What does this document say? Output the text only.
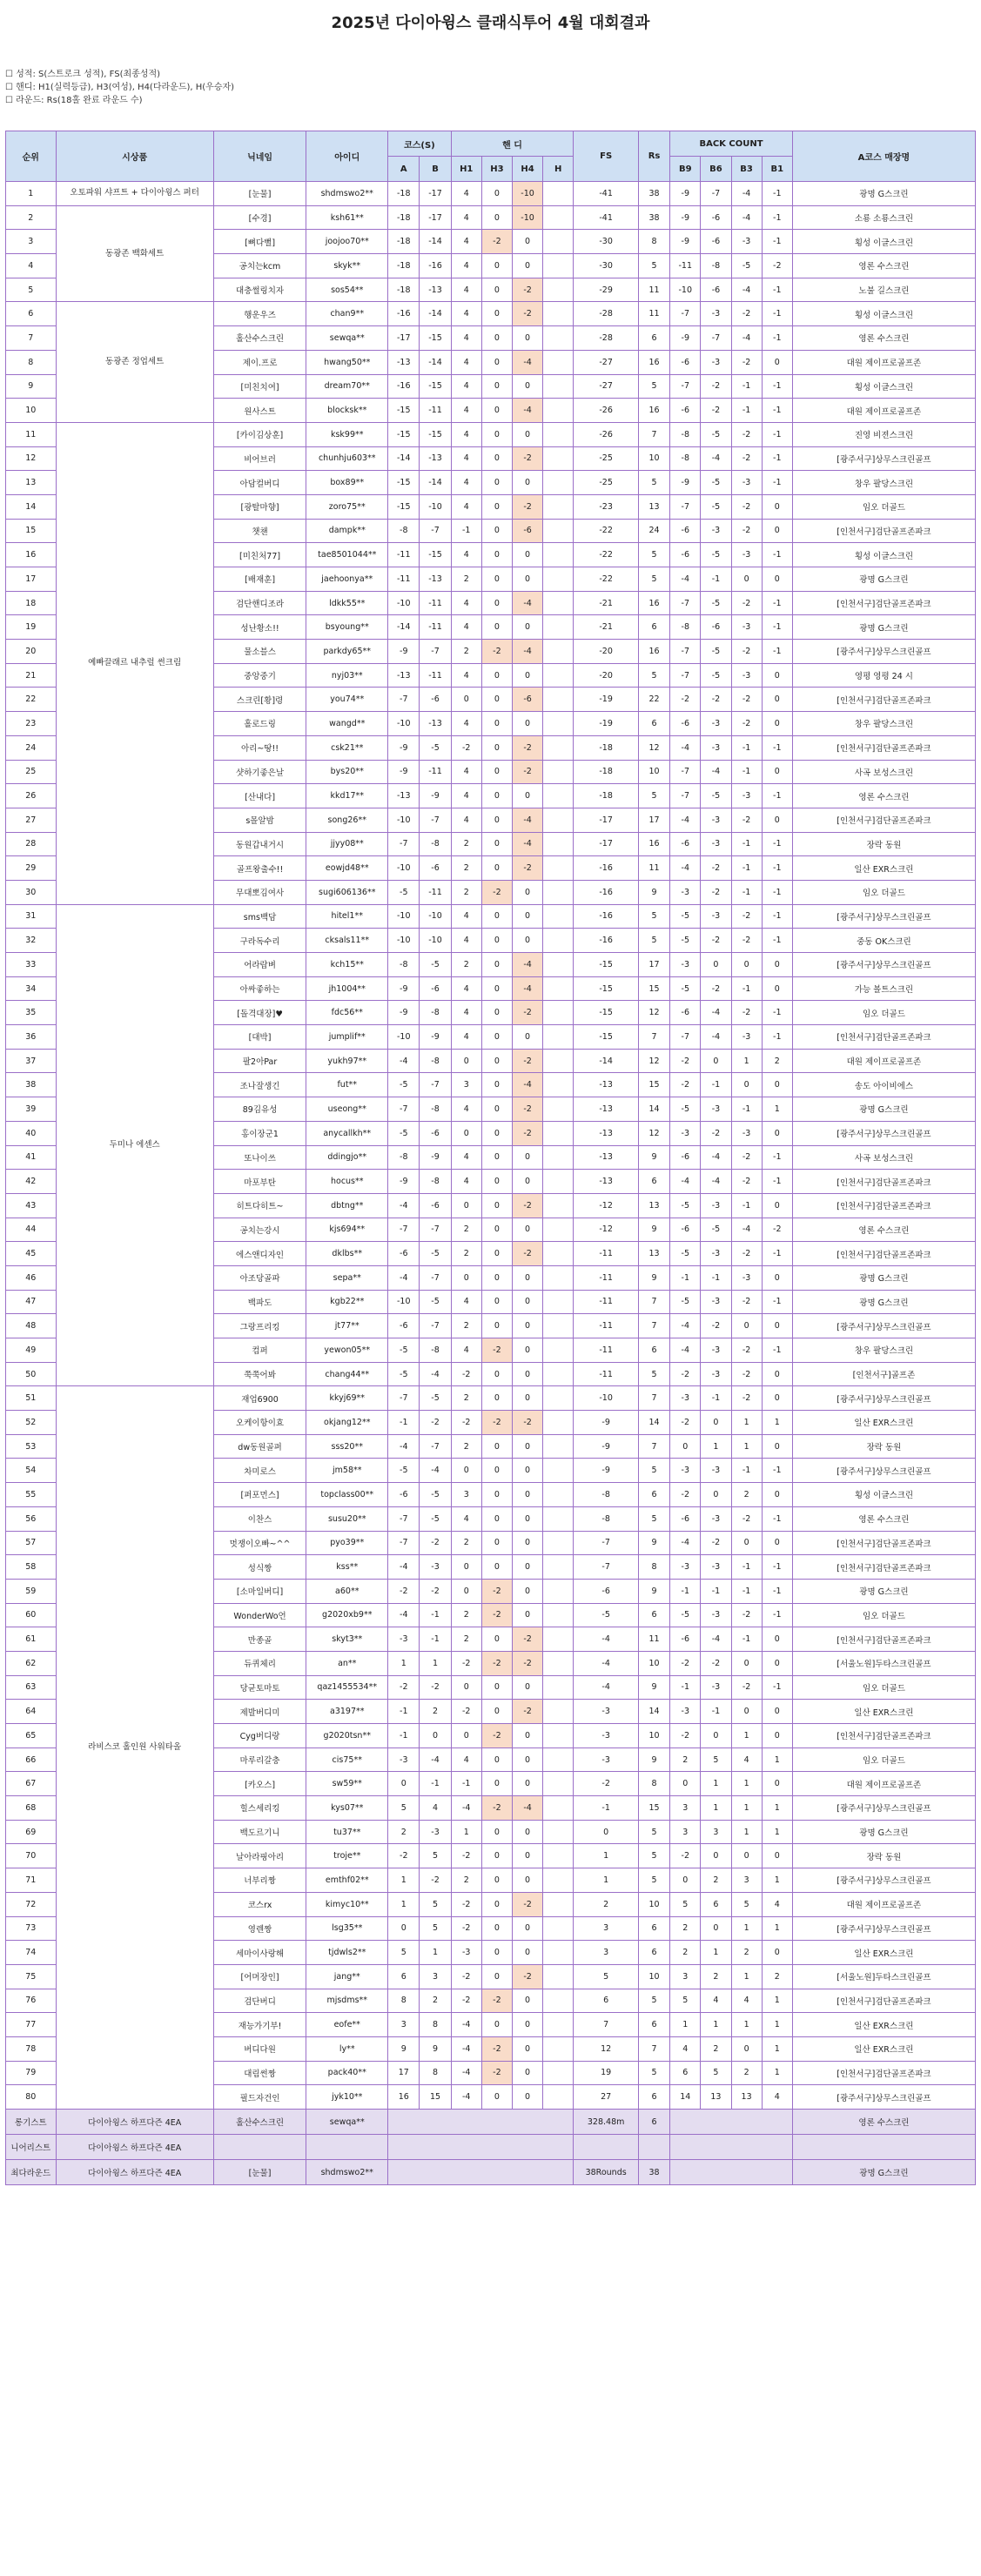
2025년 다이아윙스 클래식투어 4월 대회결과
☐ 성적: S(스트로크 성적), FS(최종성적)
☐ 핸디: H1(실력등급), H3(여성), H4(다라운드), H(우승자)
☐ 라운드: Rs(18홀 완료 라운드 수)
순위	시상품	닉네임	아이디	코스(S)		핸 디				FS	Rs	BACK COUNT				A코스 매장명
				A	B	H1	H3	H4	H			B9	B6	B3	B1	
1	오토파워 샤프트 + 다이아윙스 퍼터	[눈물]	shdmswo2**	-18	-17	4	0	-10		-41	38	-9	-7	-4	-1	광명 G스크린
2	동광존 백화세트	[수경]	ksh61**	-18	-17	4	0	-10		-41	38	-9	-6	-4	-1	소룡 소룡스크린
3		[뼈다뻘]	joojoo70**	-18	-14	4	-2	0		-30	8	-9	-6	-3	-1	횡성 이글스크린
4		공치는kcm	skyk**	-18	-16	4	0	0		-30	5	-11	-8	-5	-2	영론 수스크린
5		대충썰링치자	sos54**	-18	-13	4	0	-2		-29	11	-10	-6	-4	-1	노불 길스크린
6	동광존 정업세트	행운우즈	chan9**	-16	-14	4	0	-2		-28	11	-7	-3	-2	-1	횡성 이글스크린
7		홀산수스크린	sewqa**	-17	-15	4	0	0		-28	6	-9	-7	-4	-1	영론 수스크린
8		제이.프로	hwang50**	-13	-14	4	0	-4		-27	16	-6	-3	-2	0	대원 제이프로골프존
9		[미친치여]	dream70**	-16	-15	4	0	0		-27	5	-7	-2	-1	-1	횡성 이글스크린
10		원사스트	blocksk**	-15	-11	4	0	-4		-26	16	-6	-2	-1	-1	대원 제이프로골프존
11	예빠끌래르 내추럴 썬크림	[카이김상훈]	ksk99**	-15	-15	4	0	0		-26	7	-8	-5	-2	-1	진영 비젼스크린
12		비어브러	chunhju603**	-14	-13	4	0	-2		-25	10	-8	-4	-2	-1	[광주서구]상무스크린골프
13		아담컬버디	box89**	-15	-14	4	0	0		-25	5	-9	-5	-3	-1	창우 팔당스크린
14		[광탈마향]	zoro75**	-15	-10	4	0	-2		-23	13	-7	-5	-2	0	임오 더골드
15		챗챈	dampk**	-8	-7	-1	0	-6		-22	24	-6	-3	-2	0	[인천서구]검단골프존파크
16		[미친처77]	tae8501044**	-11	-15	4	0	0		-22	5	-6	-5	-3	-1	횡성 이글스크린
17		[배재훈]	jaehoonya**	-11	-13	2	0	0		-22	5	-4	-1	0	0	광명 G스크린
18		검단핸디조라	ldkk55**	-10	-11	4	0	-4		-21	16	-7	-5	-2	-1	[인천서구]검단골프존파크
19		성난황소!!	bsyoung**	-14	-11	4	0	0		-21	6	-8	-6	-3	-1	광명 G스크린
20		물소블스	parkdy65**	-9	-7	2	-2	-4		-20	16	-7	-5	-2	-1	[광주서구]상무스크린골프
21		중앙중기	nyj03**	-13	-11	4	0	0		-20	5	-7	-5	-3	0	영평 영평 24 시
22		스크린[황]령	you74**	-7	-6	0	0	-6		-19	22	-2	-2	-2	0	[인천서구]검단골프존파크
23		홀로드링	wangd**	-10	-13	4	0	0		-19	6	-6	-3	-2	0	창우 팔당스크린
24		아리~땅!!	csk21**	-9	-5	-2	0	-2		-18	12	-4	-3	-1	-1	[인천서구]검단골프존파크
25		샷하기좋은날	bys20**	-9	-11	4	0	-2		-18	10	-7	-4	-1	0	사곡 보성스크린
26		[산내다]	kkd17**	-13	-9	4	0	0		-18	5	-7	-5	-3	-1	영론 수스크린
27		s몰알밤	song26**	-10	-7	4	0	-4		-17	17	-4	-3	-2	0	[인천서구]검단골프존파크
28		동원갑내거시	jjyy08**	-7	-8	2	0	-4		-17	16	-6	-3	-1	-1	장락 동원
29		골프왕출수!!	eowjd48**	-10	-6	2	0	-2		-16	11	-4	-2	-1	-1	일산 EXR스크린
30		무대뽀김여사	sugi606136**	-5	-11	2	-2	0		-16	9	-3	-2	-1	-1	임오 더골드
31	두미나 에센스	sms백담	hitel1**	-10	-10	4	0	0		-16	5	-5	-3	-2	-1	[광주서구]상무스크린골프
32		구라독수리	cksals11**	-10	-10	4	0	0		-16	5	-5	-2	-2	-1	중동 OK스크린
33		어라랍벼	kch15**	-8	-5	2	0	-4		-15	17	-3	0	0	0	[광주서구]상무스크린골프
34		아싸좋하는	jh1004**	-9	-6	4	0	-4		-15	15	-5	-2	-1	0	가능 볼트스크린
35		[돌격대장]♥	fdc56**	-9	-8	4	0	-2		-15	12	-6	-4	-2	-1	임오 더골드
36		[대박]	jumplif**	-10	-9	4	0	0		-15	7	-7	-4	-3	-1	[인천서구]검단골프존파크
37		팔2아Par	yukh97**	-4	-8	0	0	-2		-14	12	-2	0	1	2	대원 제이프로골프존
38		조나잘생긴	fut**	-5	-7	3	0	-4		-13	15	-2	-1	0	0	송도 아이비에스
39		89김유성	useong**	-7	-8	4	0	-2		-13	14	-5	-3	-1	1	광명 G스크린
40		홍이장군1	anycallkh**	-5	-6	0	0	-2		-13	12	-3	-2	-3	0	[광주서구]상무스크린골프
41		또나이쓰	ddingjo**	-8	-9	4	0	0		-13	9	-6	-4	-2	-1	사곡 보성스크린
42		마포부탄	hocus**	-9	-8	4	0	0		-13	6	-4	-4	-2	-1	[인천서구]검단골프존파크
43		히트다히트~	dbtng**	-4	-6	0	0	-2		-12	13	-5	-3	-1	0	[인천서구]검단골프존파크
44		공치는강시	kjs694**	-7	-7	2	0	0		-12	9	-6	-5	-4	-2	영론 수스크린
45		에스앤디자인	dklbs**	-6	-5	2	0	-2		-11	13	-5	-3	-2	-1	[인천서구]검단골프존파크
46		아조당골파	sepa**	-4	-7	0	0	0		-11	9	-1	-1	-3	0	광명 G스크린
47		백파도	kgb22**	-10	-5	4	0	0		-11	7	-5	-3	-2	-1	광명 G스크린
48		그랑프리킹	jt77**	-6	-7	2	0	0		-11	7	-4	-2	0	0	[광주서구]상무스크린골프
49		컴퍼	yewon05**	-5	-8	4	-2	0		-11	6	-4	-3	-2	-1	창우 팔당스크린
50		쭉쭉어봐	chang44**	-5	-4	-2	0	0		-11	5	-2	-3	-2	0	[인천서구]골프존
51	라비스코 홀인원 사워타올	재업6900	kkyj69**	-7	-5	2	0	0		-10	7	-3	-1	-2	0	[광주서구]상무스크린골프
52		오케이항이효	okjang12**	-1	-2	-2	-2	-2		-9	14	-2	0	1	1	일산 EXR스크린
53		dw동원골퍼	sss20**	-4	-7	2	0	0		-9	7	0	1	1	0	장락 동원
54		차미로스	jm58**	-5	-4	0	0	0		-9	5	-3	-3	-1	-1	[광주서구]상무스크린골프
55		[퍼포먼스]	topclass00**	-6	-5	3	0	0		-8	6	-2	0	2	0	횡성 이글스크린
56		이찬스	susu20**	-7	-5	4	0	0		-8	5	-6	-3	-2	-1	영론 수스크린
57		멋쟁이오빠~^^	pyo39**	-7	-2	2	0	0		-7	9	-4	-2	0	0	[인천서구]검단골프존파크
58		성식짱	kss**	-4	-3	0	0	0		-7	8	-3	-3	-1	-1	[인천서구]검단골프존파크
59		[소마일버디]	a60**	-2	-2	0	-2	0		-6	9	-1	-1	-1	-1	광명 G스크린
60		WonderWo언	g2020xb9**	-4	-1	2	-2	0		-5	6	-5	-3	-2	-1	임오 더골드
61		만종골	skyt3**	-3	-1	2	0	-2		-4	11	-6	-4	-1	0	[인천서구]검단골프존파크
62		듀퀴체리	an**	1	1	-2	-2	-2		-4	10	-2	-2	0	0	[서울노원]두타스크린골프
63		당균토마토	qaz1455534**	-2	-2	0	0	0		-4	9	-1	-3	-2	-1	임오 더골드
64		제발버디미	a3197**	-1	2	-2	0	-2		-3	14	-3	-1	0	0	일산 EXR스크린
65		Cyg버디랑	g2020tsn**	-1	0	0	-2	0		-3	10	-2	0	1	0	[인천서구]검단골프존파크
66		마루리갈충	cis75**	-3	-4	4	0	0		-3	9	2	5	4	1	임오 더골드
67		[카오스]	sw59**	0	-1	-1	0	0		-2	8	0	1	1	0	대원 제이프로골프존
68		힐스세리킹	kys07**	5	4	-4	-2	-4		-1	15	3	1	1	1	[광주서구]상무스크린골프
69		백도르기니	tu37**	2	-3	1	0	0		0	5	3	3	1	1	광명 G스크린
70		날아라핑아리	troje**	-2	5	-2	0	0		1	5	-2	0	0	0	장락 동원
71		너부리짱	emthf02**	1	-2	2	0	0		1	5	0	2	3	1	[광주서구]상무스크린골프
72		코스rx	kimyc10**	1	5	-2	0	-2		2	10	5	6	5	4	대원 제이프로골프존
73		영렌짱	lsg35**	0	5	-2	0	0		3	6	2	0	1	1	[광주서구]상무스크린골프
74		세마이사랑해	tjdwls2**	5	1	-3	0	0		3	6	2	1	2	0	일산 EXR스크린
75		[어머장인]	jang**	6	3	-2	0	-2		5	10	3	2	1	2	[서울노원]두타스크린골프
76		검단버디	mjsdms**	8	2	-2	-2	0		6	5	5	4	4	1	[인천서구]검단골프존파크
77		재능가기부!	eofe**	3	8	-4	0	0		7	6	1	1	1	1	일산 EXR스크린
78		버디다원	ly**	9	9	-4	-2	0		12	7	4	2	0	1	일산 EXR스크린
79		대림썬짱	pack40**	17	8	-4	-2	0		19	5	6	5	2	1	[인천서구]검단골프존파크
80		필드자건인	jyk10**	16	15	-4	0	0		27	6	14	13	13	4	[광주서구]상무스크린골프
롱기스트	다이아윙스 하프다즌 4EA	홀산수스크린	sewqa**							328.48m	6					영론 수스크린
니어리스트	다이아윙스 하프다즌 4EA															
최다라운드	다이아윙스 하프다즌 4EA	[눈물]	shdmswo2**							38Rounds	38					광명 G스크린
